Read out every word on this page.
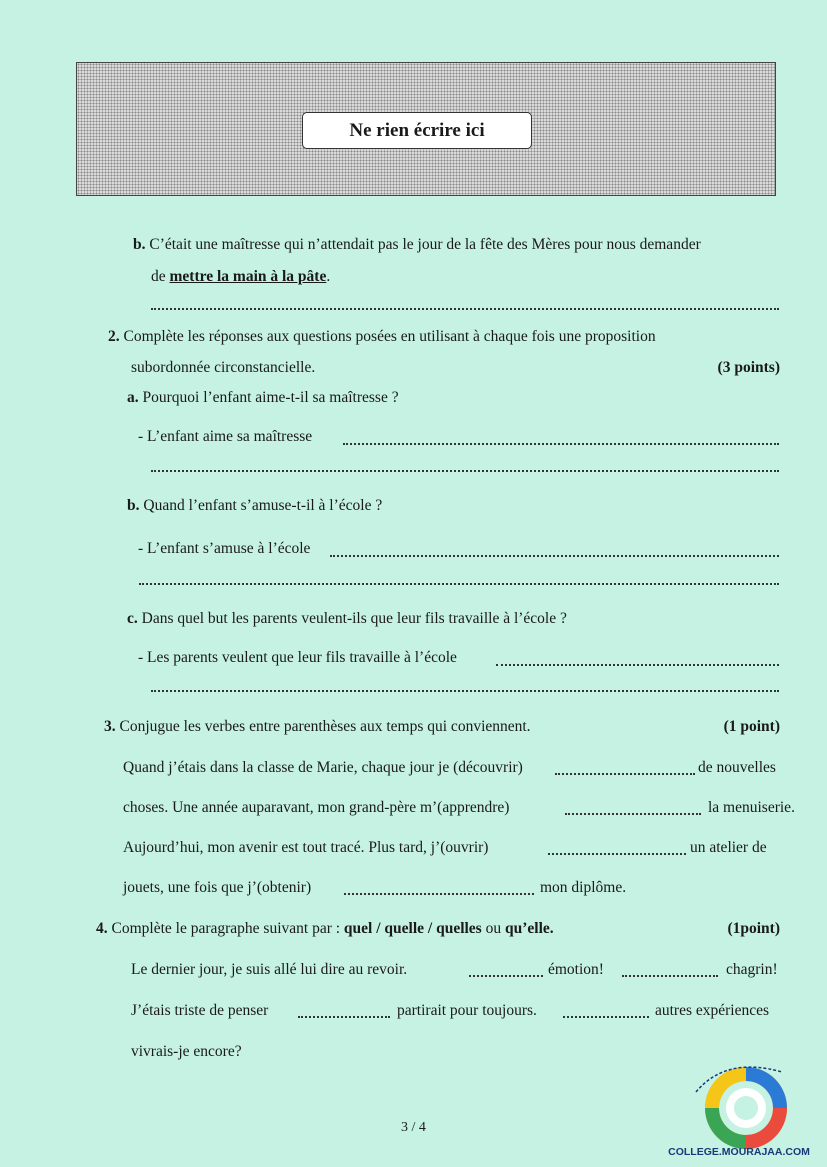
Ne rien écrire ici
b. C’était une maîtresse qui n’attendait pas le jour de la fête des Mères pour nous demander
de mettre la main à la pâte.
2. Complète les réponses aux questions posées en utilisant à chaque fois une proposition
subordonnée circonstancielle.	(3 points)
a. Pourquoi l’enfant aime-t-il sa maîtresse ?
- L’enfant aime sa maîtresse
b. Quand l’enfant s’amuse-t-il à l’école ?
- L’enfant s’amuse à l’école
c. Dans quel but les parents veulent-ils que leur fils travaille à l’école ?
- Les parents veulent que leur fils travaille à l’école
3. Conjugue les verbes entre parenthèses aux temps qui conviennent.	(1 point)
Quand j’étais dans la classe de Marie, chaque jour je (découvrir)	de nouvelles
choses. Une année auparavant, mon grand-père m’(apprendre)	la menuiserie.
Aujourd’hui, mon avenir est tout tracé. Plus tard, j’(ouvrir)	un atelier de
jouets, une fois que j’(obtenir)	mon diplôme.
4. Complète le paragraphe suivant par : quel / quelle / quelles ou qu’elle.	(1point)
Le dernier jour, je suis allé lui dire au revoir.	émotion!	chagrin!
J’étais triste de penser	partirait pour toujours.	autres expériences
vivrais-je encore?
3 / 4
COLLEGE.MOURAJAA.COM
